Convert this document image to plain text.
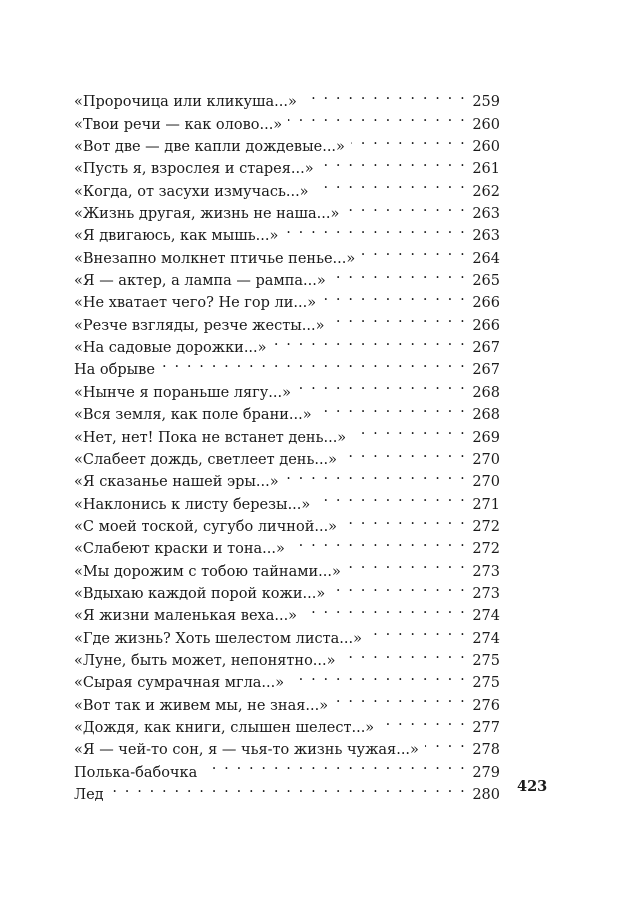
«Пророчица или кликуша...» . . .	259
«Твои речи — как олово...» . . .	260
«Вот две — две капли дождевые...» . . .	260
«Пусть я, взрослея и старея...» . . .	261
«Когда, от засухи измучась...» . . .	262
«Жизнь другая, жизнь не наша...» . . .	263
«Я двигаюсь, как мышь...» . . .	263
«Внезапно молкнет птичье пенье...» . . .	264
«Я — актер, а лампа — рампа...» . . .	265
«Не хватает чего? Не гор ли...» . . .	266
«Резче взгляды, резче жесты...» . . .	266
«На садовые дорожки...» . . .	267
На обрыве . . .	267
«Нынче я пораньше лягу...» . . .	268
«Вся земля, как поле брани...» . . .	268
«Нет, нет! Пока не встанет день...» . . .	269
«Слабеет дождь, светлеет день...» . . .	270
«Я сказанье нашей эры...» . . .	270
«Наклонись к листу березы...» . . .	271
«С моей тоской, сугубо личной...» . . .	272
«Слабеют краски и тона...» . . .	272
«Мы дорожим с тобою тайнами...» . . .	273
«Вдыхаю каждой порой кожи...» . . .	273
«Я жизни маленькая веха...» . . .	274
«Где жизнь? Хоть шелестом листа...» . . .	274
«Луне, быть может, непонятно...» . . .	275
«Сырая сумрачная мгла...» . . .	275
«Вот так и живем мы, не зная...» . . .	276
«Дождя, как книги, слышен шелест...» . . .	277
«Я — чей-то сон, я — чья-то жизнь чужая...» . . .	278
Полька-бабочка . . .	279
Лед . . .	280 423
